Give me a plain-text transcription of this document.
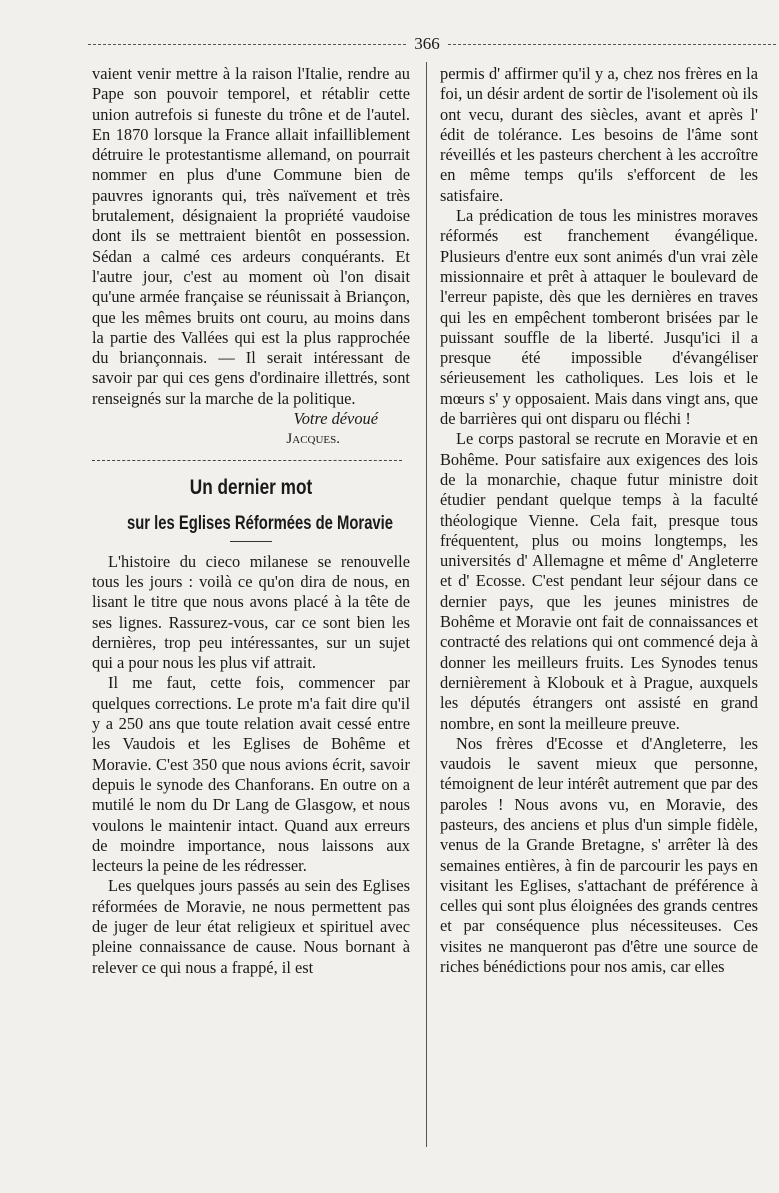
366

vaient venir mettre à la raison l'Italie, rendre au Pape son pouvoir temporel, et rétablir cette union autrefois si funeste du trône et de l'autel. En 1870 lorsque la France allait infailliblement détruire le protestantisme allemand, on pourrait nommer en plus d'une Commune bien de pauvres ignorants qui, très naïvement et très brutalement, désignaient la propriété vaudoise dont ils se mettraient bientôt en possession. Sédan a calmé ces ardeurs conquérants. Et l'autre jour, c'est au moment où l'on disait qu'une armée française se réunissait à Briançon, que les mêmes bruits ont couru, au moins dans la partie des Vallées qui est la plus rapprochée du briançonnais. — Il serait intéressant de savoir par qui ces gens d'ordinaire illettrés, sont renseignés sur la marche de la politique.

Votre dévoué

Jacques.

Un dernier mot
sur les Eglises Réformées de Moravie

L'histoire du cieco milanese se renouvelle tous les jours : voilà ce qu'on dira de nous, en lisant le titre que nous avons placé à la tête de ses lignes. Rassurez-vous, car ce sont bien les dernières, trop peu intéressantes, sur un sujet qui a pour nous les plus vif attrait.

Il me faut, cette fois, commencer par quelques corrections. Le prote m'a fait dire qu'il y a 250 ans que toute relation avait cessé entre les Vaudois et les Eglises de Bohême et Moravie. C'est 350 que nous avions écrit, savoir depuis le synode des Chanforans. En outre on a mutilé le nom du Dr Lang de Glasgow, et nous voulons le maintenir intact. Quand aux erreurs de moindre importance, nous laissons aux lecteurs la peine de les rédresser.

Les quelques jours passés au sein des Eglises réformées de Moravie, ne nous permettent pas de juger de leur état religieux et spirituel avec pleine connaissance de cause. Nous bornant à relever ce qui nous a frappé, il est

permis d' affirmer qu'il y a, chez nos frères en la foi, un désir ardent de sortir de l'isolement où ils ont vecu, durant des siècles, avant et après l' édit de tolérance. Les besoins de l'âme sont réveillés et les pasteurs cherchent à les accroître en même temps qu'ils s'efforcent de les satisfaire.

La prédication de tous les ministres moraves réformés est franchement évangélique. Plusieurs d'entre eux sont animés d'un vrai zèle missionnaire et prêt à attaquer le boulevard de l'erreur papiste, dès que les dernières en traves qui les en empêchent tomberont brisées par le puissant souffle de la liberté. Jusqu'ici il a presque été impossible d'évangéliser sérieusement les catholiques. Les lois et le mœurs s' y opposaient. Mais dans vingt ans, que de barrières qui ont disparu ou fléchi !

Le corps pastoral se recrute en Moravie et en Bohême. Pour satisfaire aux exigences des lois de la monarchie, chaque futur ministre doit étudier pendant quelque temps à la faculté théologique Vienne. Cela fait, presque tous fréquentent, plus ou moins longtemps, les universités d' Allemagne et même d' Angleterre et d' Ecosse. C'est pendant leur séjour dans ce dernier pays, que les jeunes ministres de Bohême et Moravie ont fait de connaissances et contracté des relations qui ont commencé deja à donner les meilleurs fruits. Les Synodes tenus dernièrement à Klobouk et à Prague, auxquels les députés étrangers ont assisté en grand nombre, en sont la meilleure preuve.

Nos frères d'Ecosse et d'Angleterre, les vaudois le savent mieux que personne, témoignent de leur intérêt autrement que par des paroles ! Nous avons vu, en Moravie, des pasteurs, des anciens et plus d'un simple fidèle, venus de la Grande Bretagne, s' arrêter là des semaines entières, à fin de parcourir les pays en visitant les Eglises, s'attachant de préférence à celles qui sont plus éloignées des grands centres et par conséquence plus nécessiteuses. Ces visites ne manqueront pas d'être une source de riches bénédictions pour nos amis, car elles
